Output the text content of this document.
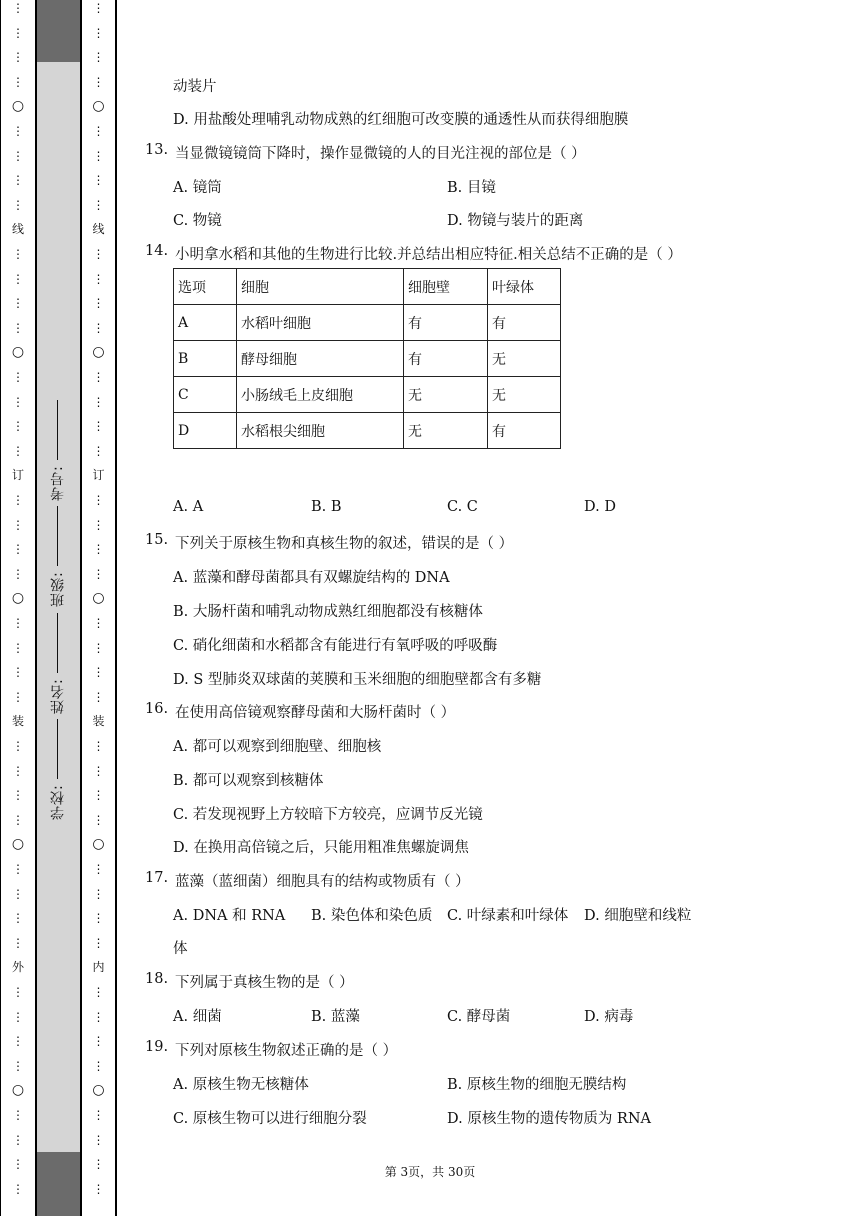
⋮
⋮
⋮
⋮
○
⋮
⋮
⋮
⋮
线
⋮
⋮
⋮
⋮
○
⋮
⋮
⋮
⋮
订
⋮
⋮
⋮
⋮
○
⋮
⋮
⋮
⋮
装
⋮
⋮
⋮
⋮
○
⋮
⋮
⋮
⋮
外
⋮
⋮
⋮
⋮
○
⋮
⋮
⋮
⋮
学校:
姓名:
班级:
考号:
⋮
⋮
⋮
⋮
○
⋮
⋮
⋮
⋮
线
⋮
⋮
⋮
⋮
○
⋮
⋮
⋮
⋮
订
⋮
⋮
⋮
⋮
○
⋮
⋮
⋮
⋮
装
⋮
⋮
⋮
⋮
○
⋮
⋮
⋮
⋮
内
⋮
⋮
⋮
⋮
○
⋮
⋮
⋮
⋮
动装片
D. 用盐酸处理哺乳动物成熟的红细胞可改变膜的通透性从而获得细胞膜
13. 当显微镜镜筒下降时，操作显微镜的人的目光注视的部位是（ ）
A. 镜筒	B. 目镜
C. 物镜	D. 物镜与装片的距离
14. 小明拿水稻和其他的生物进行比较.并总结出相应特征.相关总结不正确的是（ ）
选项	细胞	细胞壁	叶绿体
A	水稻叶细胞	有	有
B	酵母细胞	有	无
C	小肠绒毛上皮细胞	无	无
D	水稻根尖细胞	无	有
A. A	B. B	C. C	D. D
15. 下列关于原核生物和真核生物的叙述，错误的是（ ）
A. 蓝藻和酵母菌都具有双螺旋结构的 DNA
B. 大肠杆菌和哺乳动物成熟红细胞都没有核糖体
C. 硝化细菌和水稻都含有能进行有氧呼吸的呼吸酶
D. S 型肺炎双球菌的荚膜和玉米细胞的细胞壁都含有多糖
16. 在使用高倍镜观察酵母菌和大肠杆菌时（ ）
A. 都可以观察到细胞壁、细胞核
B. 都可以观察到核糖体
C. 若发现视野上方较暗下方较亮，应调节反光镜
D. 在换用高倍镜之后，只能用粗准焦螺旋调焦
17. 蓝藻（蓝细菌）细胞具有的结构或物质有（ ）
A. DNA 和 RNA B. 染色体和染色质 C. 叶绿素和叶绿体 D. 细胞壁和线粒
体
18. 下列属于真核生物的是（ ）
A. 细菌	B. 蓝藻	C. 酵母菌	D. 病毒
19. 下列对原核生物叙述正确的是（ ）
A. 原核生物无核糖体	B. 原核生物的细胞无膜结构
C. 原核生物可以进行细胞分裂	D. 原核生物的遗传物质为 RNA
第 3页，共 30页
